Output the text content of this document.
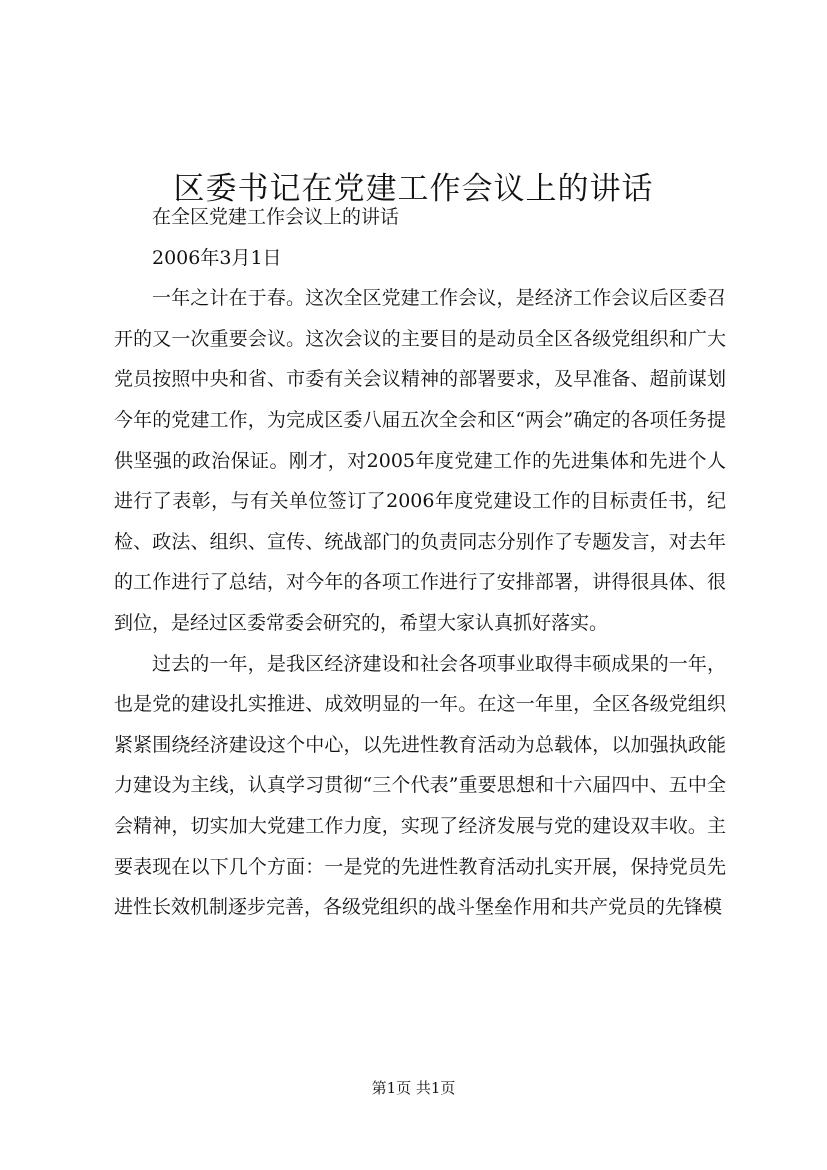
区委书记在党建工作会议上的讲话

在全区党建工作会议上的讲话

2006年3月1日

一年之计在于春。这次全区党建工作会议，是经济工作会议后区委召开的又一次重要会议。这次会议的主要目的是动员全区各级党组织和广大党员按照中央和省、市委有关会议精神的部署要求，及早准备、超前谋划今年的党建工作，为完成区委八届五次全会和区“两会”确定的各项任务提供坚强的政治保证。刚才，对2005年度党建工作的先进集体和先进个人进行了表彰，与有关单位签订了2006年度党建设工作的目标责任书，纪检、政法、组织、宣传、统战部门的负责同志分别作了专题发言，对去年的工作进行了总结，对今年的各项工作进行了安排部署，讲得很具体、很到位，是经过区委常委会研究的，希望大家认真抓好落实。

过去的一年，是我区经济建设和社会各项事业取得丰硕成果的一年，也是党的建设扎实推进、成效明显的一年。在这一年里，全区各级党组织紧紧围绕经济建设这个中心，以先进性教育活动为总载体，以加强执政能力建设为主线，认真学习贯彻“三个代表”重要思想和十六届四中、五中全会精神，切实加大党建工作力度，实现了经济发展与党的建设双丰收。主要表现在以下几个方面：一是党的先进性教育活动扎实开展，保持党员先进性长效机制逐步完善，各级党组织的战斗堡垒作用和共产党员的先锋模

第1页 共1页
